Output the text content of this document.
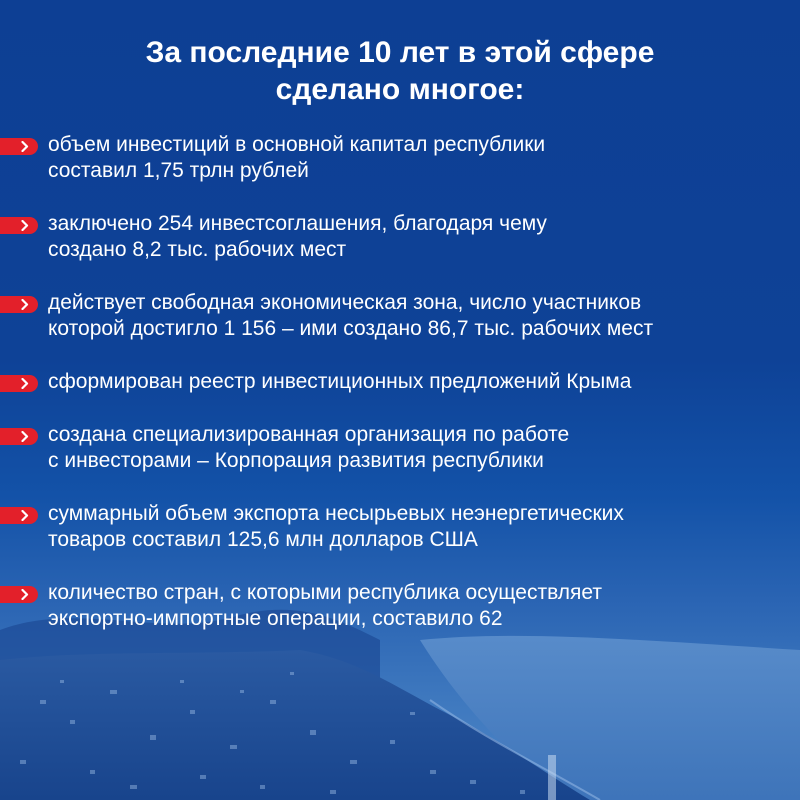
За последние 10 лет в этой сфере
сделано многое:

объем инвестиций в основной капитал республики
составил 1,75 трлн рублей

заключено 254 инвестсоглашения, благодаря чему
создано 8,2 тыс. рабочих мест

действует свободная экономическая зона, число участников
которой достигло 1 156 – ими создано 86,7 тыс. рабочих мест

сформирован реестр инвестиционных предложений Крыма

создана специализированная организация по работе
с инвесторами – Корпорация развития республики

суммарный объем экспорта несырьевых неэнергетических
товаров составил 125,6 млн долларов США

количество стран, с которыми республика осуществляет
экспортно-импортные операции, составило 62
